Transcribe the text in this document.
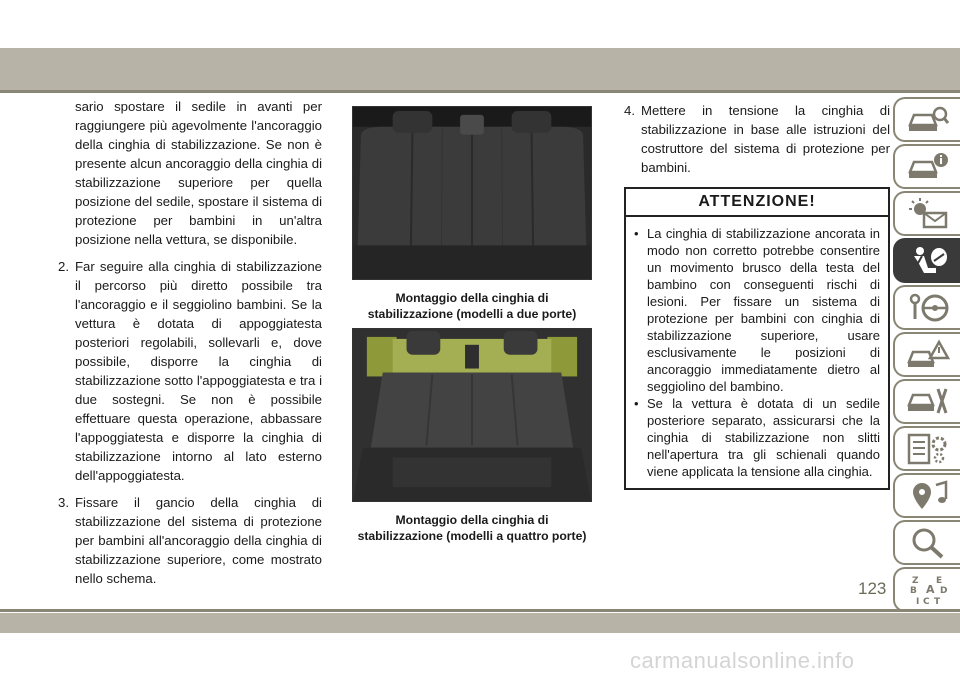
sario spostare il sedile in avanti per raggiungere più agevolmente l'ancoraggio della cinghia di stabilizzazione. Se non è presente alcun ancoraggio della cinghia di stabilizzazione superiore per quella posizione del sedile, spostare il sistema di protezione per bambini in un'altra posizione nella vettura, se disponibile.

2. Far seguire alla cinghia di stabilizzazione il percorso più diretto possibile tra l'ancoraggio e il seggiolino bambini. Se la vettura è dotata di appoggiatesta posteriori regolabili, sollevarli e, dove possibile, disporre la cinghia di stabilizzazione sotto l'appoggiatesta e tra i due sostegni. Se non è possibile effettuare questa operazione, abbassare l'appoggiatesta e disporre la cinghia di stabilizzazione intorno al lato esterno dell'appoggiatesta.
3. Fissare il gancio della cinghia di stabilizzazione del sistema di protezione per bambini all'ancoraggio della cinghia di stabilizzazione superiore, come mostrato nello schema.
Montaggio della cinghia di stabilizzazione (modelli a due porte)
Montaggio della cinghia di stabilizzazione (modelli a quattro porte)
4. Mettere in tensione la cinghia di stabilizzazione in base alle istruzioni del costruttore del sistema di protezione per bambini.
ATTENZIONE!
• La cinghia di stabilizzazione ancorata in modo non corretto potrebbe consentire un movimento brusco della testa del bambino con conseguenti rischi di lesioni. Per fissare un sistema di protezione per bambini con cinghia di stabilizzazione superiore, usare esclusivamente le posizioni di ancoraggio immediatamente dietro al seggiolino del bambino.
• Se la vettura è dotata di un sedile posteriore separato, assicurarsi che la cinghia di stabilizzazione non slitti nell'apertura tra gli schienali quando viene applicata la tensione alla cinghia.
Z E
B A D
I C T
123
carmanualsonline.info
